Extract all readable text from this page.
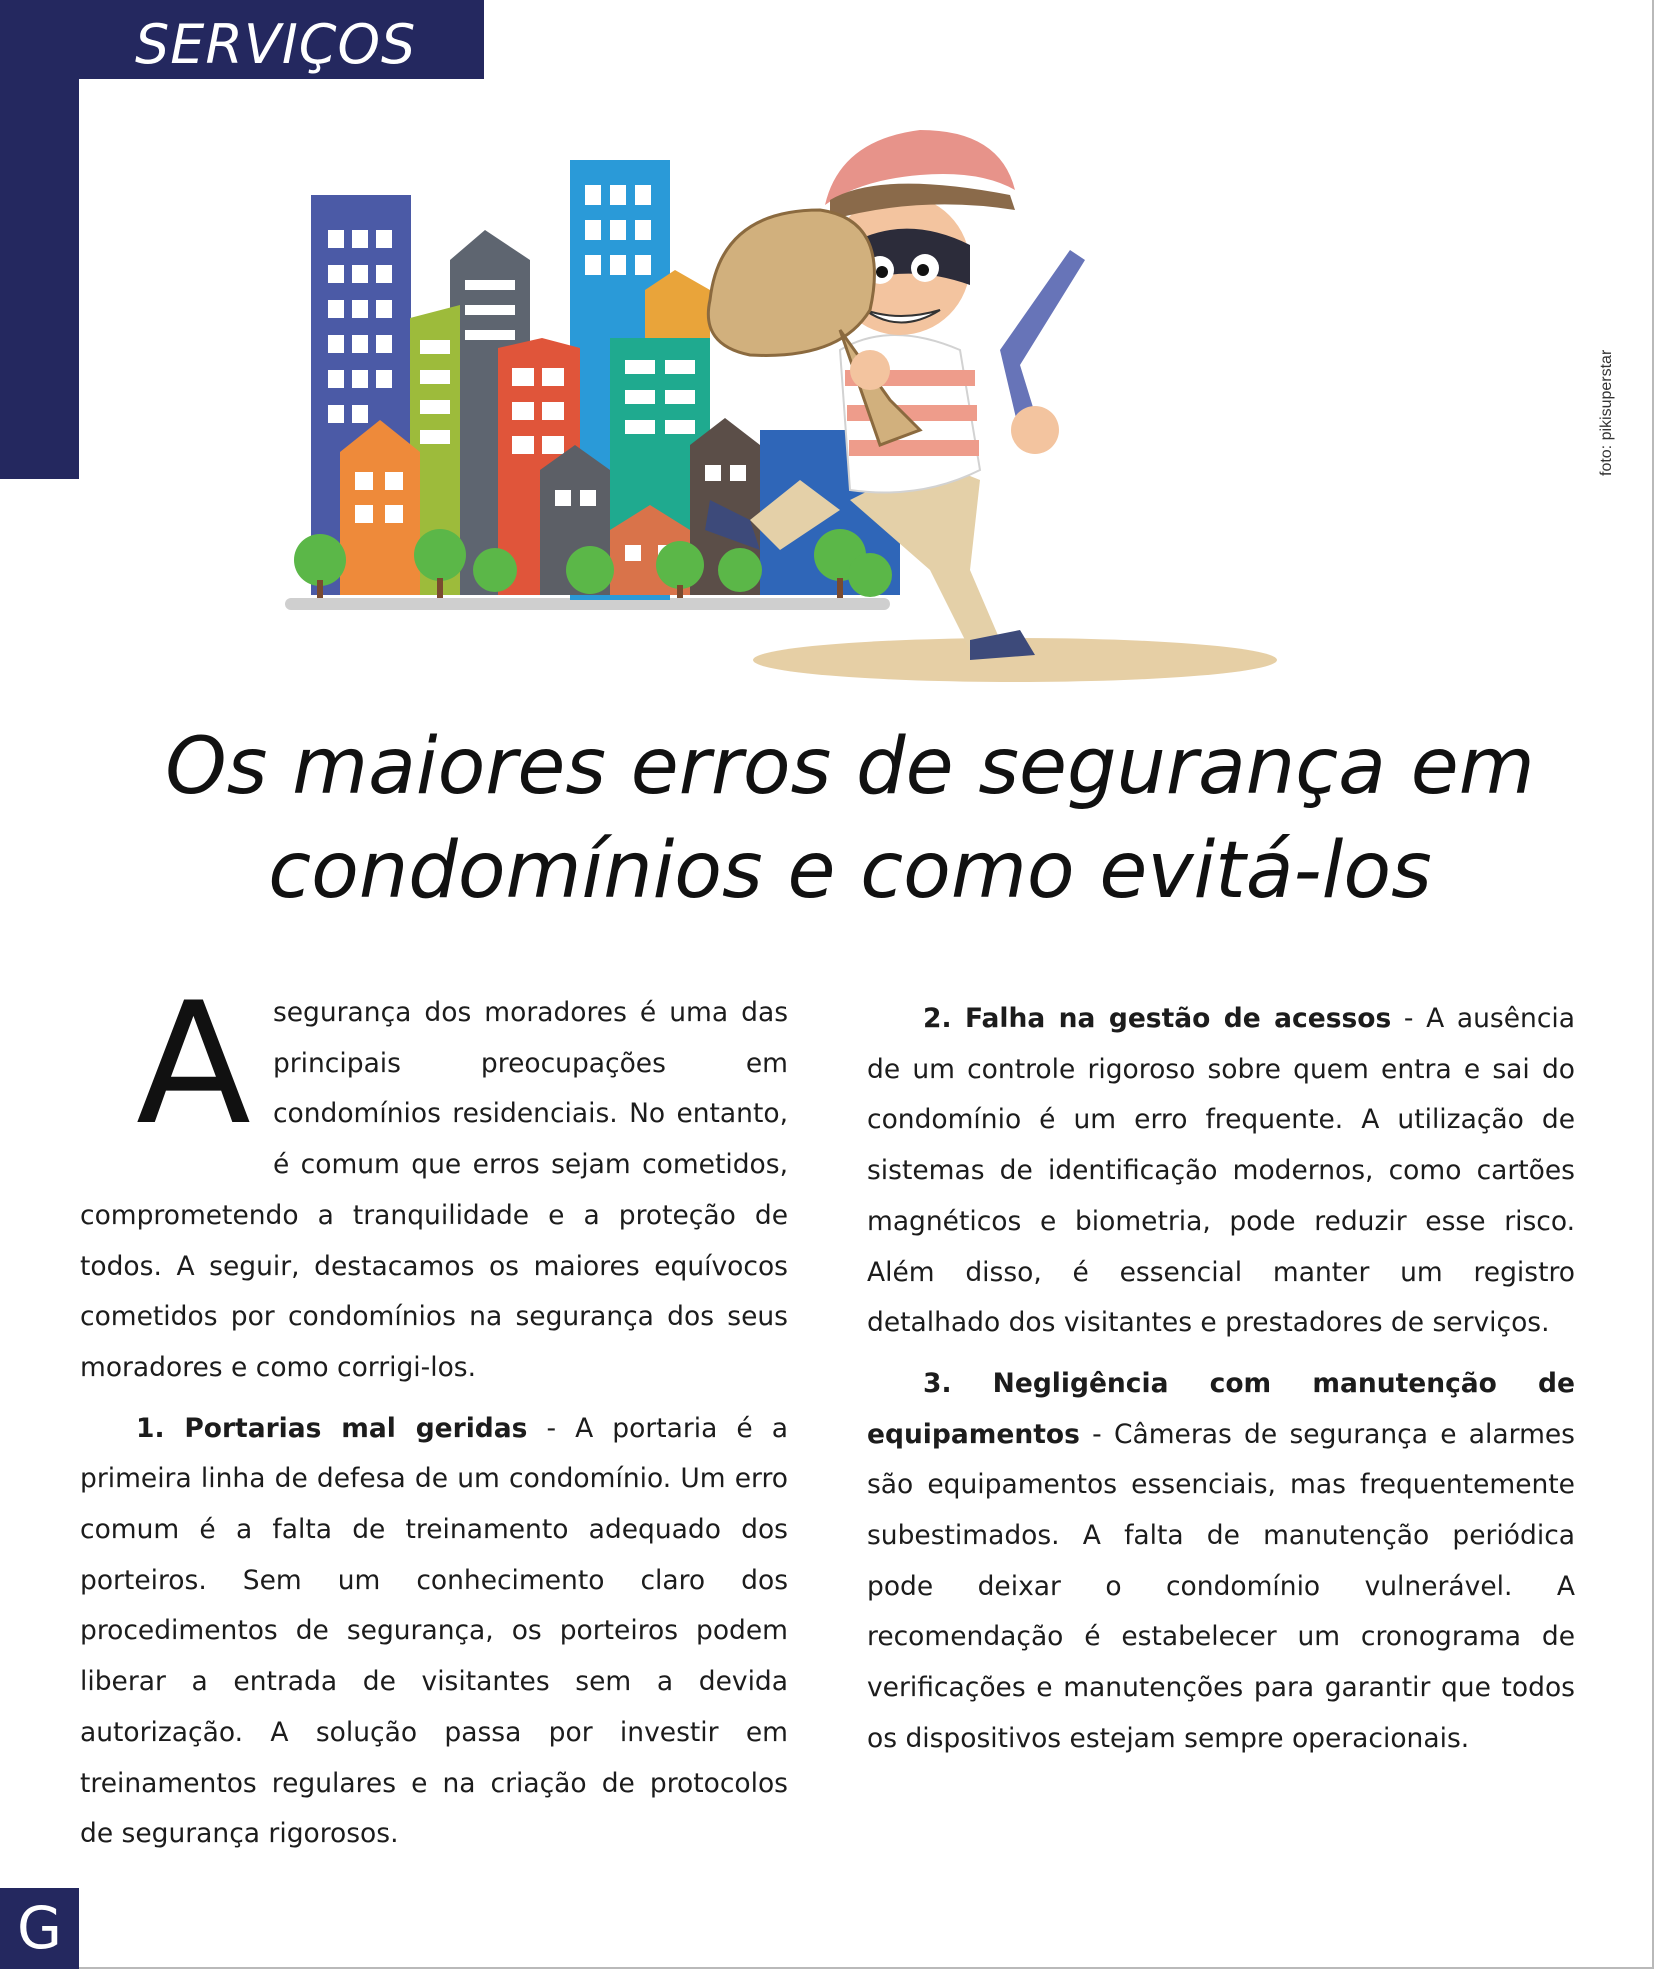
SERVIÇOS
foto: pikisuperstar
Os maiores erros de segurança em condomínios e como evitá-los

A segurança dos moradores é uma das principais preocupações em condomínios residenciais. No entanto, é comum que erros sejam cometidos, comprometendo a tranquilidade e a proteção de todos. A seguir, destacamos os maiores equívocos cometidos por condomínios na segurança dos seus moradores e como corrigi-los.

1. Portarias mal geridas - A portaria é a primeira linha de defesa de um condomínio. Um erro comum é a falta de treinamento adequado dos porteiros. Sem um conhecimento claro dos procedimentos de segurança, os porteiros podem liberar a entrada de visitantes sem a devida autorização. A solução passa por investir em treinamentos regulares e na criação de protocolos de segurança rigorosos.

2. Falha na gestão de acessos - A ausência de um controle rigoroso sobre quem entra e sai do condomínio é um erro frequente. A utilização de sistemas de identificação modernos, como cartões magnéticos e biometria, pode reduzir esse risco. Além disso, é essencial manter um registro detalhado dos visitantes e prestadores de serviços.

3. Negligência com manutenção de equipamentos - Câmeras de segurança e alarmes são equipamentos essenciais, mas frequentemente subestimados. A falta de manutenção periódica pode deixar o condomínio vulnerável. A recomendação é estabelecer um cronograma de verificações e manutenções para garantir que todos os dispositivos estejam sempre operacionais.

G
